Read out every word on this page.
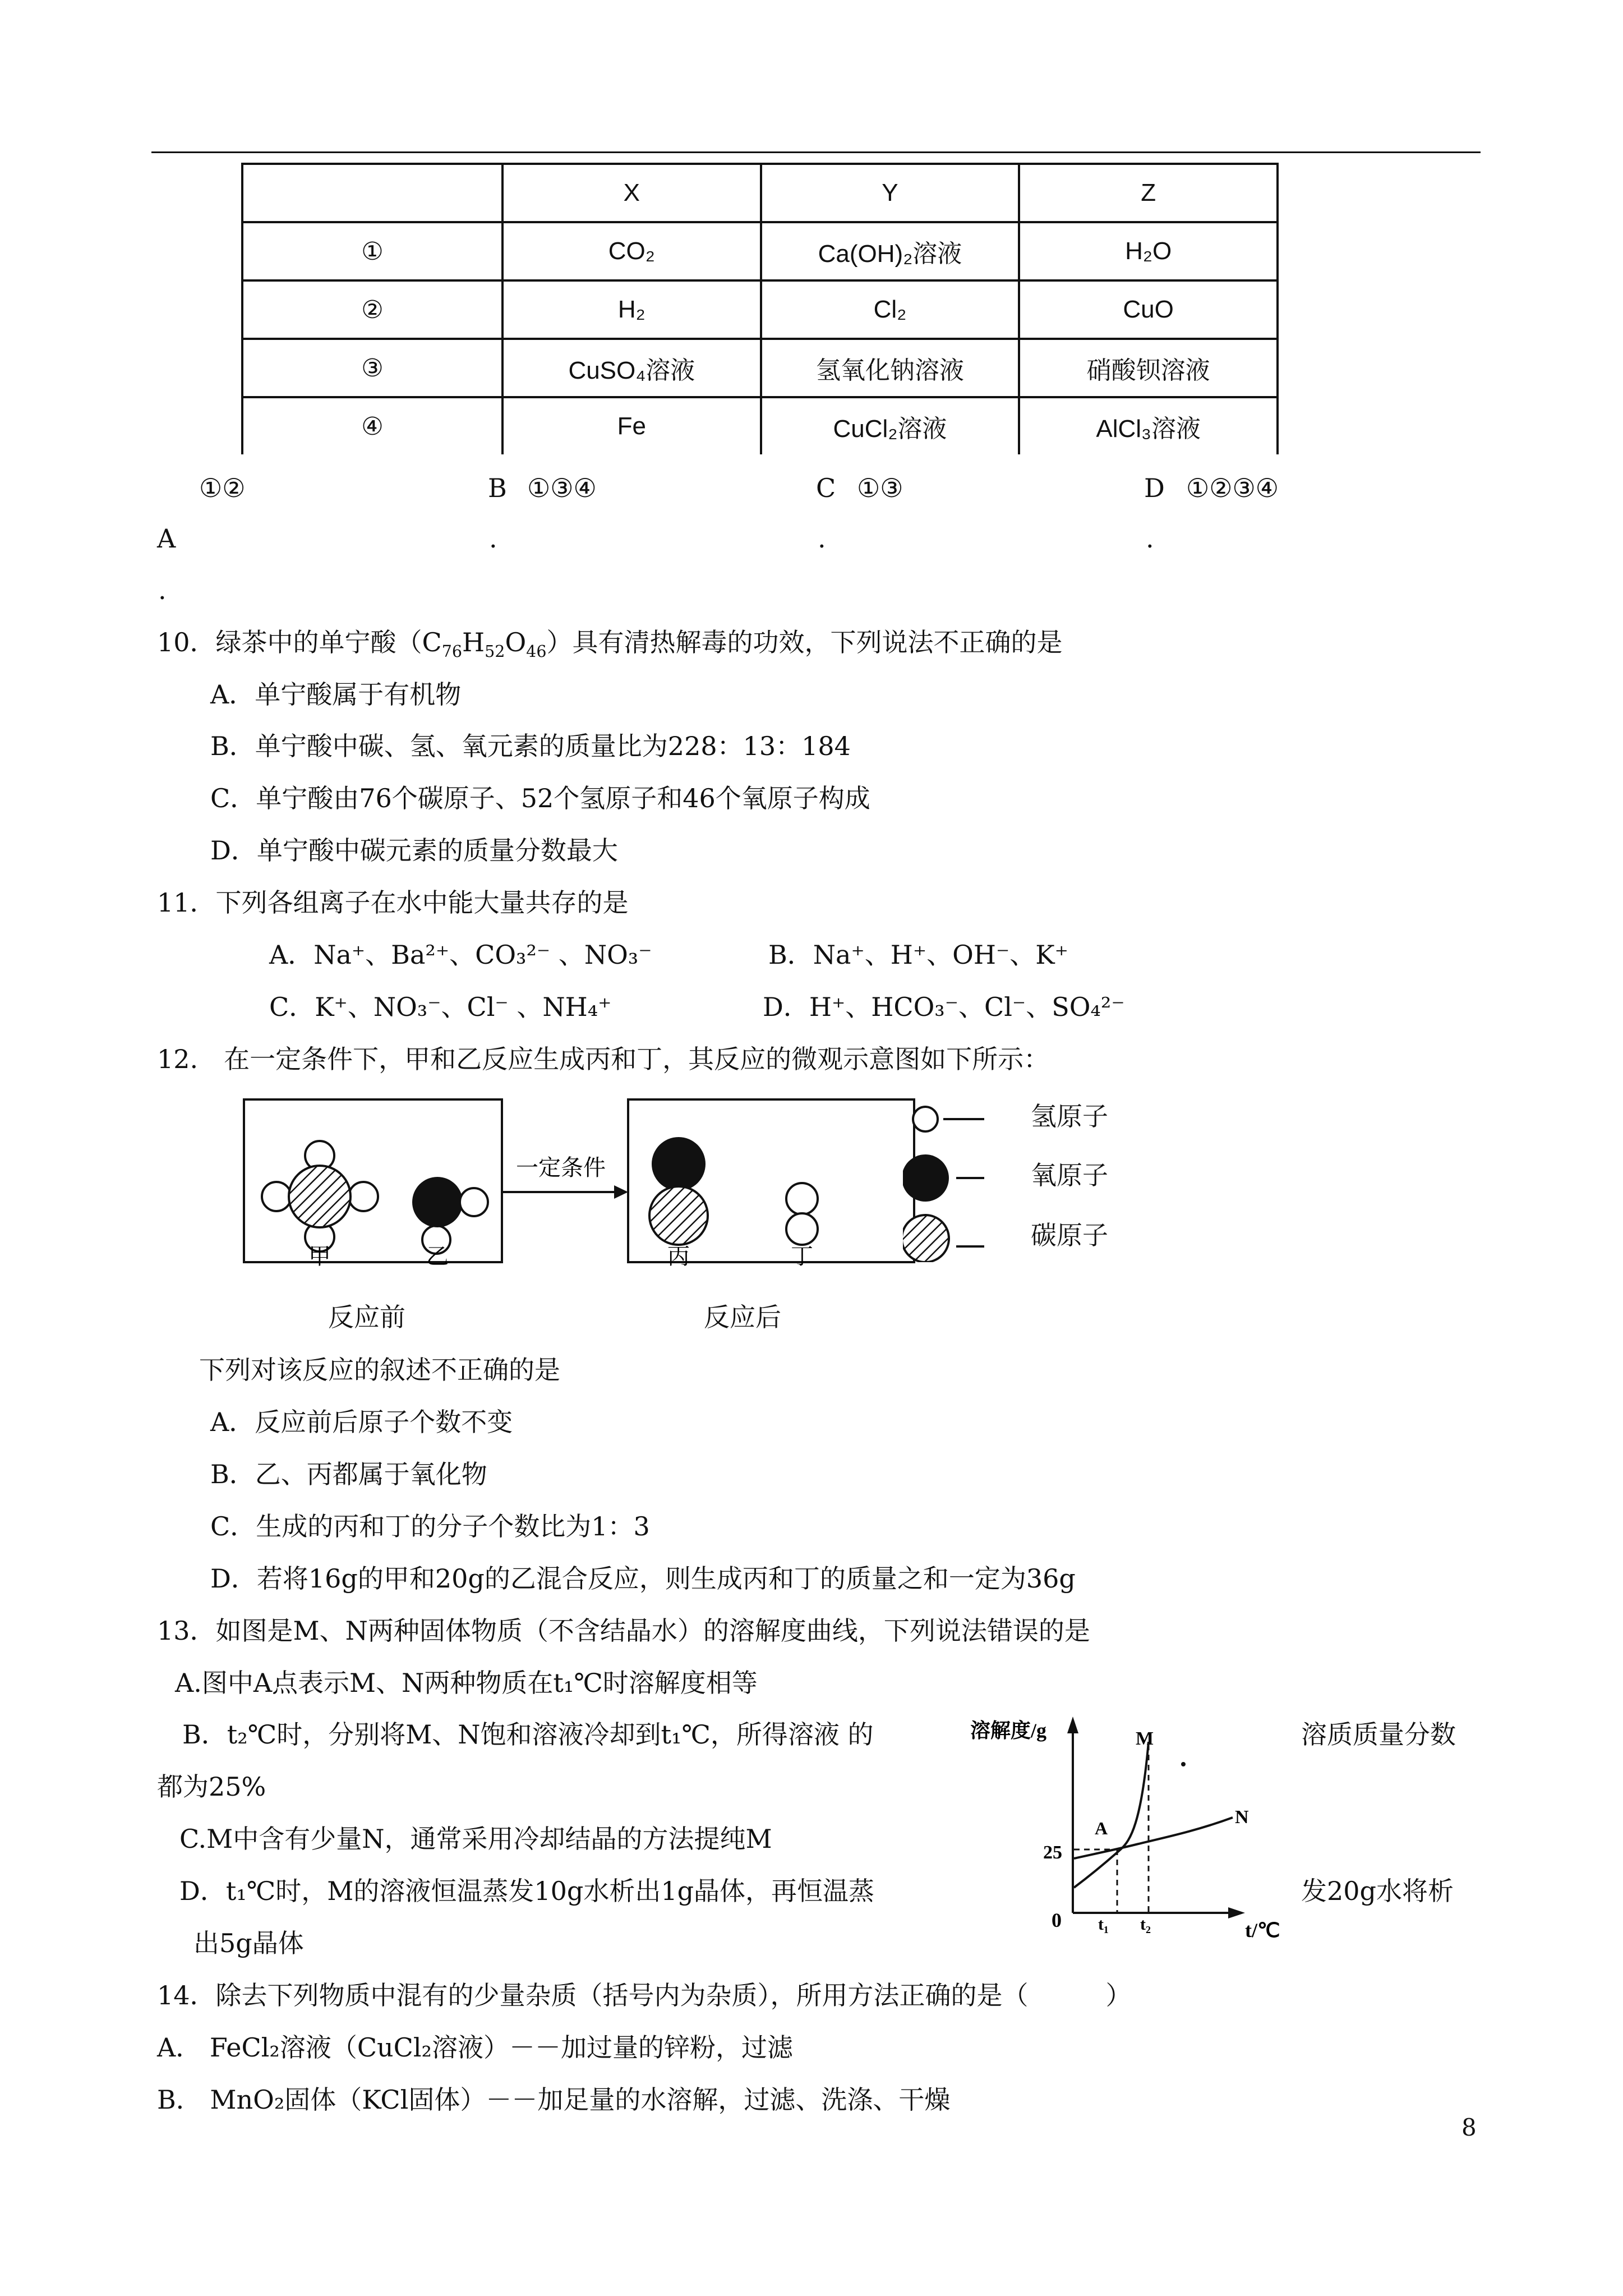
	X	Y	Z
①	CO₂	Ca(OH)₂溶液	H₂O
②	H₂	Cl₂	CuO
③	CuSO₄溶液	氢氧化钠溶液	硝酸钡溶液
④	Fe	CuCl₂溶液	AlCl₃溶液
①②
A
.
B ①③④
.
C ①③
.
D ①②③④
.
10．绿茶中的单宁酸$(C_{76}H_{52}O_{46})$具有清热解毒的功效，下列说法不正确的是
A．单宁酸属于有机物
B．单宁酸中碳、氢、氧元素的质量比为228：13：184
C．单宁酸由76个碳原子、52个氢原子和46个氧原子构成
D．单宁酸中碳元素的质量分数最大
11．下列各组离子在水中能大量共存的是
A．Na⁺、Ba²⁺、CO₃²⁻ 、NO₃⁻	B．Na⁺、H⁺、OH⁻、K⁺
C．K⁺、NO₃⁻、Cl⁻ 、NH₄⁺	D．H⁺、HCO₃⁻、Cl⁻、SO₄²⁻
12.　在一定条件下，甲和乙反应生成丙和丁，其反应的微观示意图如下所示：
甲	乙
一定条件
丙	丁
氢原子
氧原子
碳原子
反应前	反应后
下列对该反应的叙述不正确的是
A．反应前后原子个数不变
B．乙、丙都属于氧化物
C．生成的丙和丁的分子个数比为1：3
D．若将16g的甲和20g的乙混合反应，则生成丙和丁的质量之和一定为36g
13．如图是M、N两种固体物质（不含结晶水）的溶解度曲线，下列说法错误的是
A.图中A点表示M、N两种物质在t₁℃时溶解度相等
B．t₂℃时，分别将M、N饱和溶液冷却到t₁℃，所得溶液 的	溶质质量分数
都为25%
C.M中含有少量N，通常采用冷却结晶的方法提纯M
D．t₁℃时，M的溶液恒温蒸发10g水析出1g晶体，再恒温蒸	发20g水将析
出5g晶体
溶解度/g
t/℃
0
M
N
A
25
t₁ t₂
14．除去下列物质中混有的少量杂质（括号内为杂质），所用方法正确的是（　　　）
A． FeCl₂溶液（CuCl₂溶液）－－加过量的锌粉，过滤
B． MnO₂固体（KCl固体）－－加足量的水溶解，过滤、洗涤、干燥
8
